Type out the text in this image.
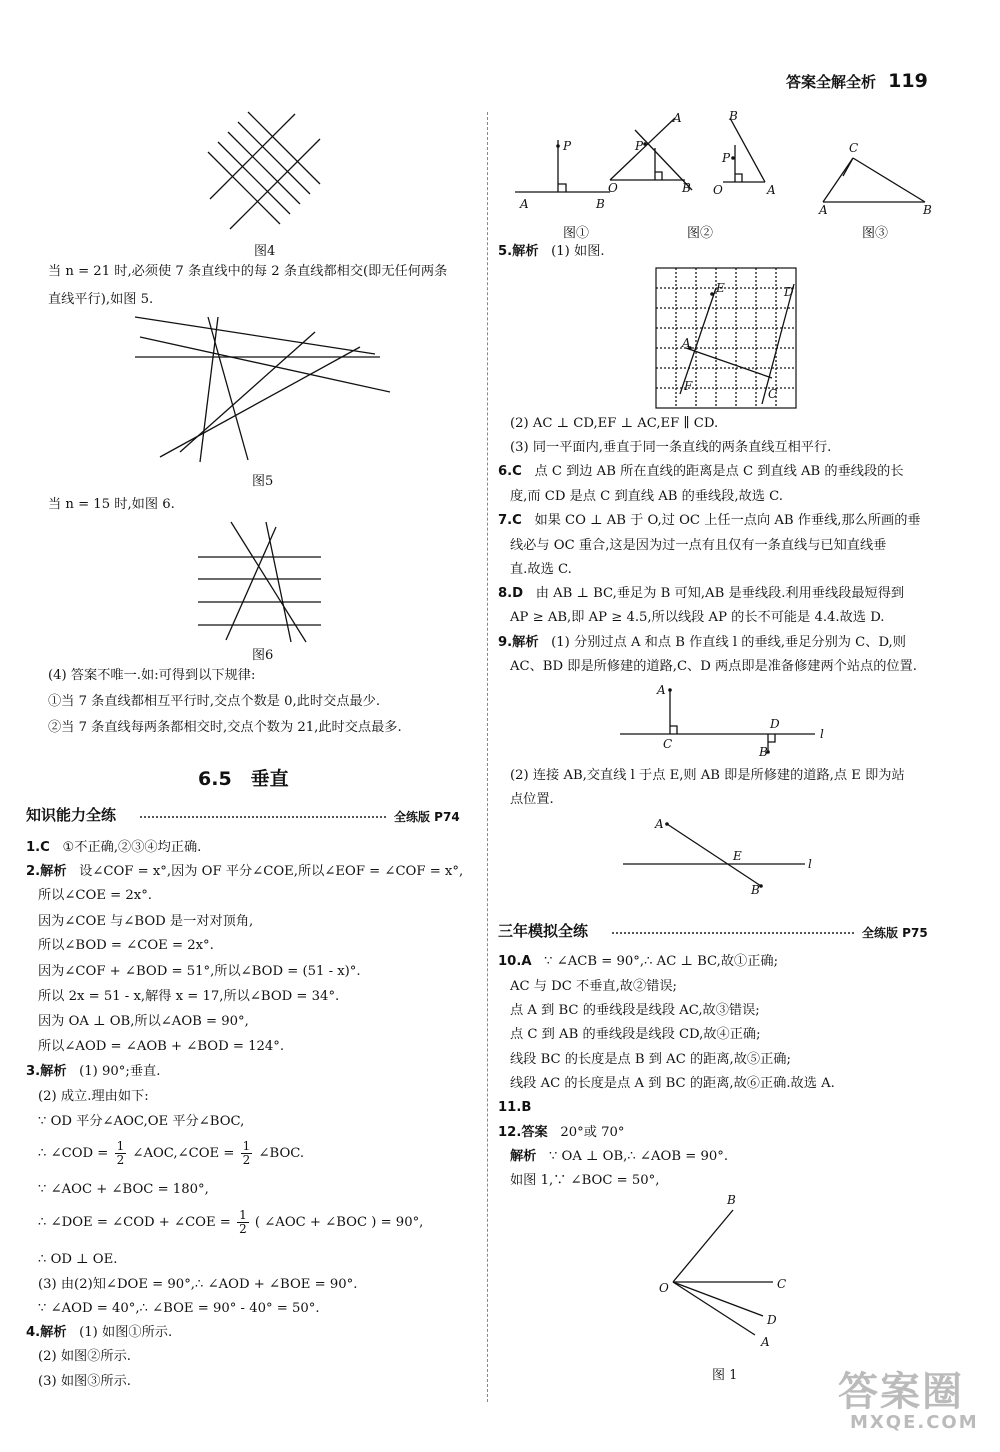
答案全解全析 119
图4
当 n = 21 时,必须使 7 条直线中的每 2 条直线都相交(即无任何两条
直线平行),如图 5.
图5
当 n = 15 时,如图 6.
图6
(4) 答案不唯一.如:可得到以下规律:
①当 7 条直线都相互平行时,交点个数是 0,此时交点最少.
②当 7 条直线每两条都相交时,交点个数为 21,此时交点最多.
6.5　垂直
知识能力全练	全练版 P74
1.C ①不正确,②③④均正确.
2.解析 设∠COF = x°,因为 OF 平分∠COE,所以∠EOF = ∠COF = x°,
所以∠COE = 2x°.
因为∠COE 与∠BOD 是一对对顶角,
所以∠BOD = ∠COE = 2x°.
因为∠COF + ∠BOD = 51°,所以∠BOD = (51 - x)°.
所以 2x = 51 - x,解得 x = 17,所以∠BOD = 34°.
因为 OA ⊥ OB,所以∠AOB = 90°,
所以∠AOD = ∠AOB + ∠BOD = 124°.
3.解析 (1) 90°;垂直.
(2) 成立.理由如下:
∵ OD 平分∠AOC,OE 平分∠BOC,
∴ ∠COD = $\frac{1}{2}$ ∠AOC,∠COE = $\frac{1}{2}$ ∠BOC.
∵ ∠AOC + ∠BOC = 180°,
∴ ∠DOE = ∠COD + ∠COE = $\frac{1}{2}$ ( ∠AOC + ∠BOC ) = 90°,
∴ OD ⊥ OE.
(3) 由(2)知∠DOE = 90°,∴ ∠AOD + ∠BOE = 90°.
∵ ∠AOD = 40°,∴ ∠BOE = 90° - 40° = 50°.
4.解析 (1) 如图①所示.
(2) 如图②所示.
(3) 如图③所示.
P
A	B
图①
P
A
O	B
图②
B
P
O	A
C
A	B
图③
5.解析 (1) 如图.
E	D
A
F
C
(2) AC ⊥ CD,EF ⊥ AC,EF ∥ CD.
(3) 同一平面内,垂直于同一条直线的两条直线互相平行.
6.C 点 C 到边 AB 所在直线的距离是点 C 到直线 AB 的垂线段的长
度,而 CD 是点 C 到直线 AB 的垂线段,故选 C.
7.C 如果 CO ⊥ AB 于 O,过 OC 上任一点向 AB 作垂线,那么所画的垂
线必与 OC 重合,这是因为过一点有且仅有一条直线与已知直线垂
直.故选 C.
8.D 由 AB ⊥ BC,垂足为 B 可知,AB 是垂线段.利用垂线段最短得到
AP ≥ AB,即 AP ≥ 4.5,所以线段 AP 的长不可能是 4.4.故选 D.
9.解析 (1) 分别过点 A 和点 B 作直线 l 的垂线,垂足分别为 C、D,则
AC、BD 即是所修建的道路,C、D 两点即是准备修建两个站点的位置.
A
C
D
B
l
(2) 连接 AB,交直线 l 于点 E,则 AB 即是所修建的道路,点 E 即为站
点位置.
A
E
B
l
三年模拟全练	全练版 P75
10.A ∵ ∠ACB = 90°,∴ AC ⊥ BC,故①正确;
AC 与 DC 不垂直,故②错误;
点 A 到 BC 的垂线段是线段 AC,故③错误;
点 C 到 AB 的垂线段是线段 CD,故④正确;
线段 BC 的长度是点 B 到 AC 的距离,故⑤正确;
线段 AC 的长度是点 A 到 BC 的距离,故⑥正确.故选 A.
11.B
12.答案 20°或 70°
解析 ∵ OA ⊥ OB,∴ ∠AOB = 90°.
如图 1,∵ ∠BOC = 50°,
B
O	C
D
A
图 1	答案圈
MXQE.COM
